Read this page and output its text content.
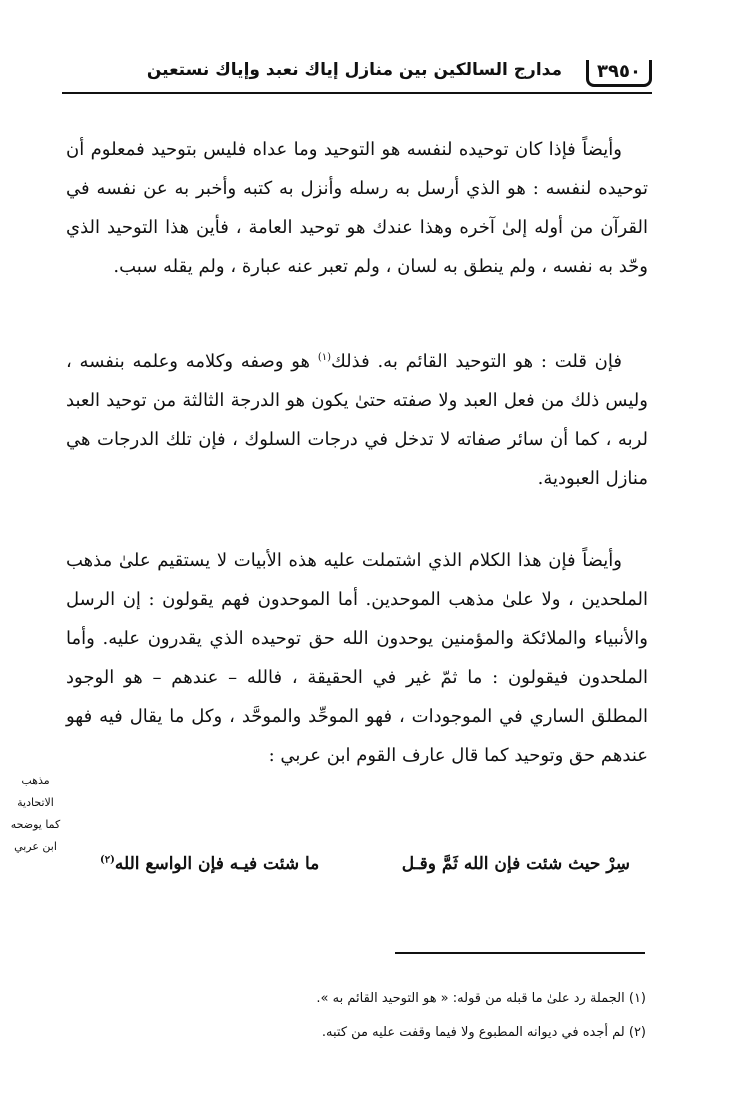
مدارج السالكين بين منازل إياك نعبد وإياك نستعين	٣٩٥٠

وأيضاً فإذا كان توحيده لنفسه هو التوحيد وما عداه فليس بتوحيد فمعلوم أن توحيده لنفسه : هو الذي أرسل به رسله وأنزل به كتبه وأخبر به عن نفسه في القرآن من أوله إلىٰ آخره وهذا عندك هو توحيد العامة ، فأين هذا التوحيد الذي وحّد به نفسه ، ولم ينطق به لسان ، ولم تعبر عنه عبارة ، ولم يقله سبب.

فإن قلت : هو التوحيد القائم به. فذلك$^{(١)}$ هو وصفه وكلامه وعلمه بنفسه ، وليس ذلك من فعل العبد ولا صفته حتىٰ يكون هو الدرجة الثالثة من توحيد العبد لربه ، كما أن سائر صفاته لا تدخل في درجات السلوك ، فإن تلك الدرجات هي منازل العبودية.

وأيضاً فإن هذا الكلام الذي اشتملت عليه هذه الأبيات لا يستقيم علىٰ مذهب الملحدين ، ولا علىٰ مذهب الموحدين. أما الموحدون فهم يقولون : إن الرسل والأنبياء والملائكة والمؤمنين يوحدون الله حق توحيده الذي يقدرون عليه. وأما الملحدون فيقولون : ما ثمّ غير في الحقيقة ، فالله – عندهم – هو الوجود المطلق الساري في الموجودات ، فهو الموحِّد والموحَّد ، وكل ما يقال فيه فهو عندهم حق وتوحيد كما قال عارف القوم ابن عربي :

مذهب
الاتحادية
كما يوضحه
ابن عربي
سِرْ حيث شئت فإن الله ثَمَّ وقـل
ما شئت فيـه فإن الواسع الله$^{(٢)}$
(١) الجملة رد علىٰ ما قبله من قوله: « هو التوحيد القائم به ».
(٢) لم أجده في ديوانه المطبوع ولا فيما وقفت عليه من كتبه.
